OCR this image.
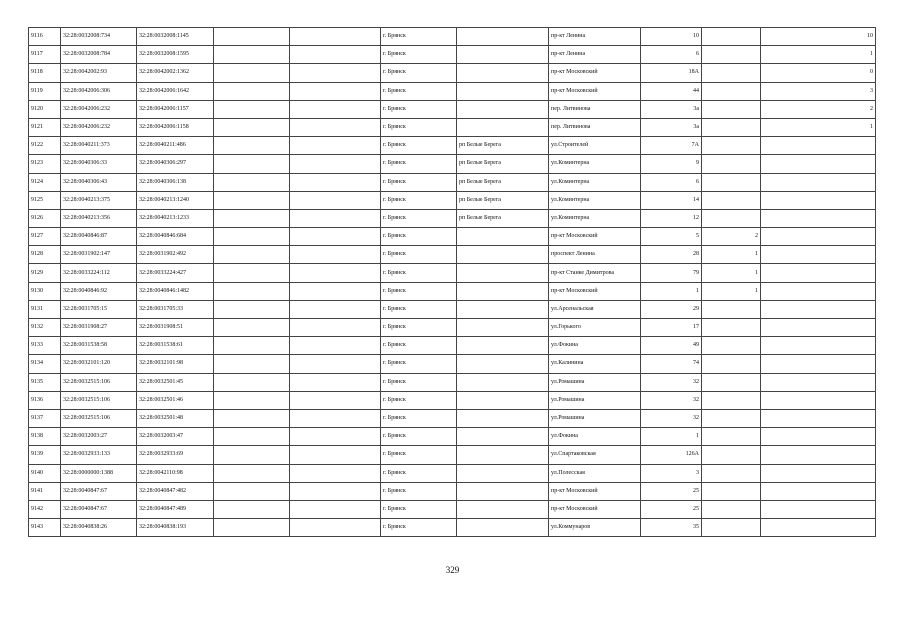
9116	32:28:0032008:734	32:28:0032008:1145			г. Брянск		пр-кт Ленина	10		10
9117	32:28:0032008:784	32:28:0032008:1595			г. Брянск		пр-кт Ленина	6		1
9118	32:28:0042002:93	32:28:0042002:1362			г. Брянск		пр-кт Московский	18А		0
9119	32:28:0042006:306	32:28:0042006:1642			г. Брянск		пр-кт Московский	44		3
9120	32:28:0042006:232	32:28:0042006:1157			г. Брянск		пер. Литвинова	3а		2
9121	32:28:0042006:232	32:28:0042006:1158			г. Брянск		пер. Литвинова	3а		1
9122	32:28:0040211:373	32:28:0040211:486			г. Брянск	рп Белые Берега	ул.Строителей	7А		
9123	32:28:0040306:33	32:28:0040306:297			г. Брянск	рп Белые Берега	ул.Коминтерна	9		
9124	32:28:0040306:43	32:28:0040306:138			г. Брянск	рп Белые Берега	ул.Коминтерна	6		
9125	32:28:0040213:375	32:28:0040213:1240			г. Брянск	рп Белые Берега	ул.Коминтерна	14		
9126	32:28:0040213:356	32:28:0040213:1233			г. Брянск	рп Белые Берега	ул.Коминтерна	12		
9127	32:28:0040846:87	32:28:0040846:684			г. Брянск		пр-кт Московский	5	2	
9128	32:28:0031902:147	32:28:0031902:492			г. Брянск		проспект Ленина	28	1	
9129	32:28:0033224:112	32:28:0033224:427			г. Брянск		пр-кт Станке Димитрова	79	1	
9130	32:28:0040846:92	32:28:0040846:1482			г. Брянск		пр-кт Московский	1	1	
9131	32:28:0031705:15	32:28:0031705:33			г. Брянск		ул.Арсенальская	29		
9132	32:28:0031908:27	32:28:0031908:51			г. Брянск		ул.Горького	17		
9133	32:28:0031538:58	32:28:0031538:61			г. Брянск		ул.Фокина	49		
9134	32:28:0032101:120	32:28:0032101:98			г. Брянск		ул.Калинина	74		
9135	32:28:0032515:106	32:28:0032501:45			г. Брянск		ул.Ромашина	32		
9136	32:28:0032515:106	32:28:0032501:46			г. Брянск		ул.Ромашина	32		
9137	32:28:0032515:106	32:28:0032501:48			г. Брянск		ул.Ромашина	32		
9138	32:28:0032003:27	32:28:0032003:47			г. Брянск		ул.Фокина	1		
9139	32:28:0032933:133	32:28:0032933:69			г. Брянск		ул.Спартаковская	126А		
9140	32:28:0000000:1388	32:28:0042110:98			г. Брянск		ул.Полесская	3		
9141	32:28:0040847:67	32:28:0040847:482			г. Брянск		пр-кт Московский	25		
9142	32:28:0040847:67	32:28:0040847:489			г. Брянск		пр-кт Московский	25		
9143	32:28:0040838:26	32:28:0040838:193			г. Брянск		ул.Коммунаров	35		
329
